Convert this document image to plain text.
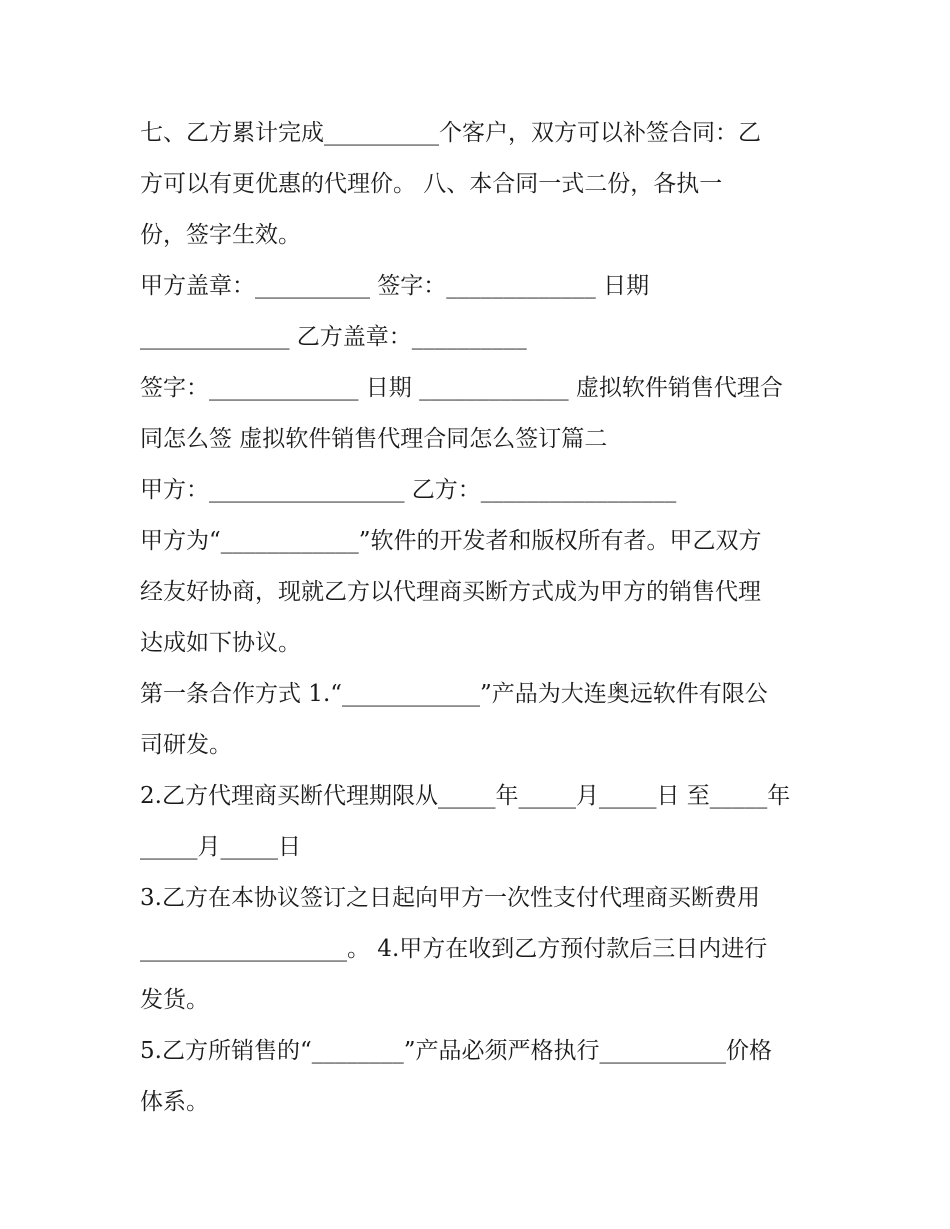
七、乙方累计完成__________个客户，双方可以补签合同：乙
方可以有更优惠的代理价。 八、本合同一式二份，各执一
份，签字生效。
甲方盖章：__________ 签字：_____________ 日期
_____________ 乙方盖章：__________
签字：_____________ 日期 _____________ 虚拟软件销售代理合
同怎么签 虚拟软件销售代理合同怎么签订篇二
甲方：_________________ 乙方：_________________
甲方为“____________”软件的开发者和版权所有者。甲乙双方
经友好协商，现就乙方以代理商买断方式成为甲方的销售代理
达成如下协议。
第一条合作方式 1.“____________”产品为大连奥远软件有限公
司研发。
2.乙方代理商买断代理期限从_____年_____月_____日 至_____年
_____月_____日
3.乙方在本协议签订之日起向甲方一次性支付代理商买断费用
__________________。 4.甲方在收到乙方预付款后三日内进行
发货。
5.乙方所销售的“________”产品必须严格执行___________价格
体系。
